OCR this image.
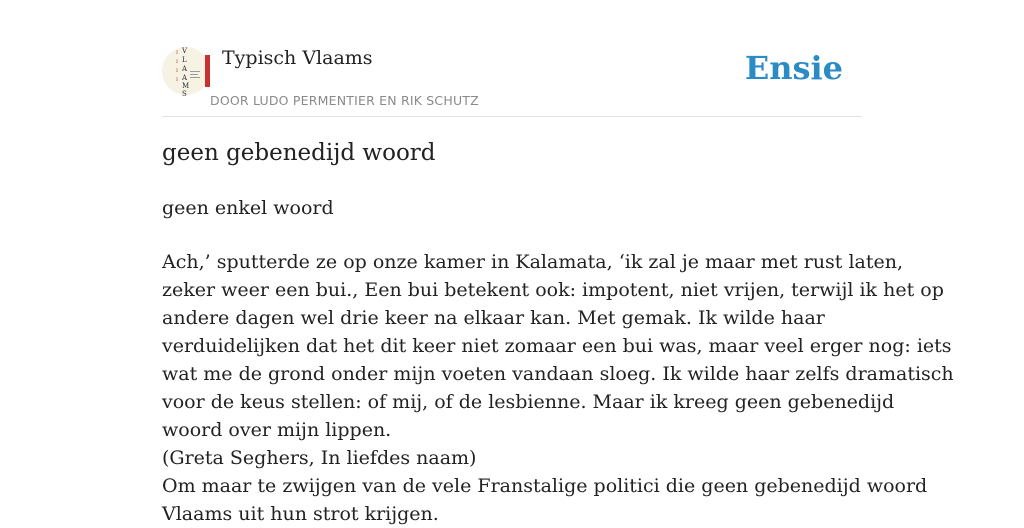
I
I
I
I
V
L
A
A
M
S
Typisch Vlaams
DOOR LUDO PERMENTIER EN RIK SCHUTZ
Ensie
geen gebenedijd woord
geen enkel woord
Ach,’ sputterde ze op onze kamer in Kalamata, ‘ik zal je maar met rust laten,
zeker weer een bui., Een bui betekent ook: impotent, niet vrijen, terwijl ik het op
andere dagen wel drie keer na elkaar kan. Met gemak. Ik wilde haar
verduidelijken dat het dit keer niet zomaar een bui was, maar veel erger nog: iets
wat me de grond onder mijn voeten vandaan sloeg. Ik wilde haar zelfs dramatisch
voor de keus stellen: of mij, of de lesbienne. Maar ik kreeg geen gebenedijd
woord over mijn lippen.
(Greta Seghers, In liefdes naam)
Om maar te zwijgen van de vele Franstalige politici die geen gebenedijd woord
Vlaams uit hun strot krijgen.
